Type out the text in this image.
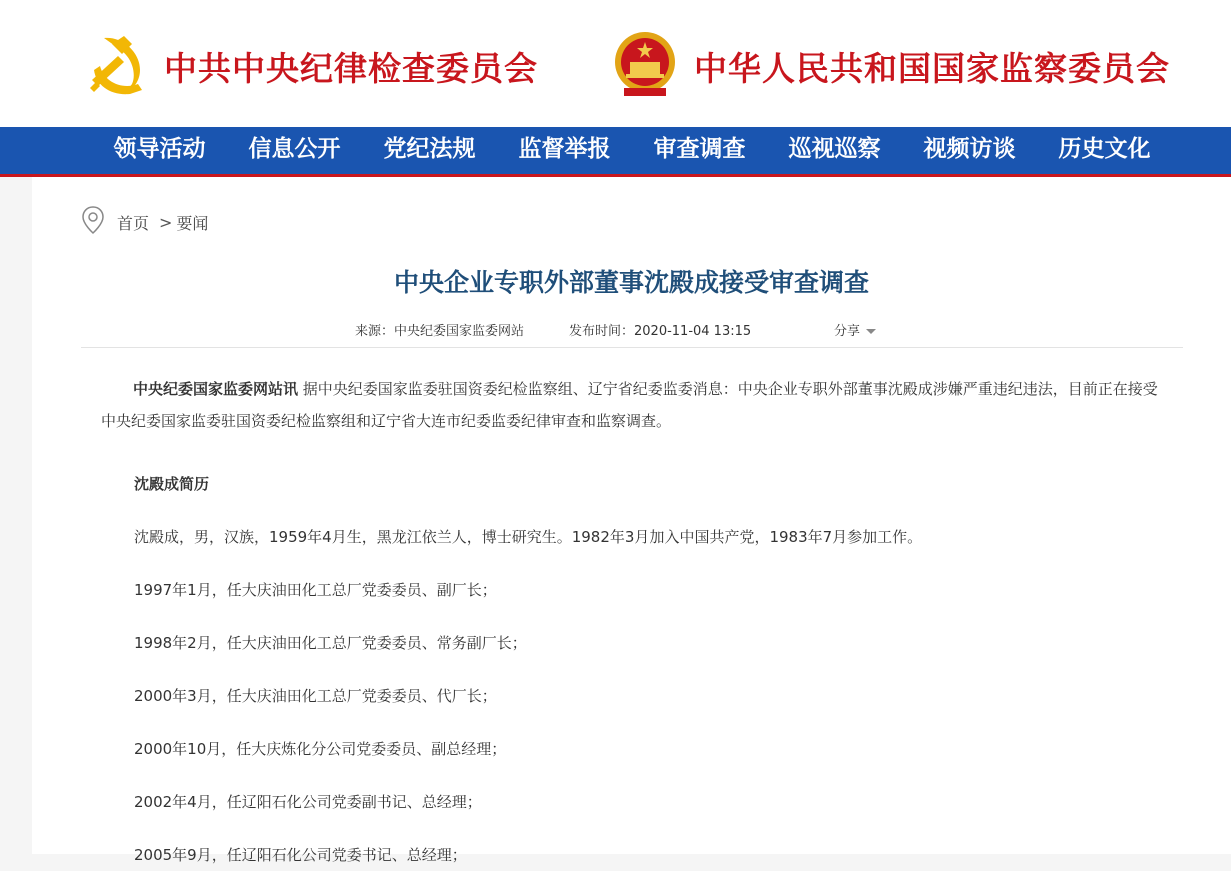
中共中央纪律检查委员会	中华人民共和国国家监察委员会
领导活动	信息公开	党纪法规	监督举报	审查调查	巡视巡察	视频访谈	历史文化
首页 > 要闻
中央企业专职外部董事沈殿成接受审查调查
来源：中央纪委国家监委网站	发布时间：2020-11-04 13:15	分享

中央纪委国家监委网站讯 据中央纪委国家监委驻国资委纪检监察组、辽宁省纪委监委消息：中央企业专职外部董事沈殿成涉嫌严重违纪违法，目前正在接受中央纪委国家监委驻国资委纪检监察组和辽宁省大连市纪委监委纪律审查和监察调查。

沈殿成简历

沈殿成，男，汉族，1959年4月生，黑龙江依兰人，博士研究生。1982年3月加入中国共产党，1983年7月参加工作。

1997年1月，任大庆油田化工总厂党委委员、副厂长；

1998年2月，任大庆油田化工总厂党委委员、常务副厂长；

2000年3月，任大庆油田化工总厂党委委员、代厂长；

2000年10月，任大庆炼化分公司党委委员、副总经理；

2002年4月，任辽阳石化公司党委副书记、总经理；

2005年9月，任辽阳石化公司党委书记、总经理；
